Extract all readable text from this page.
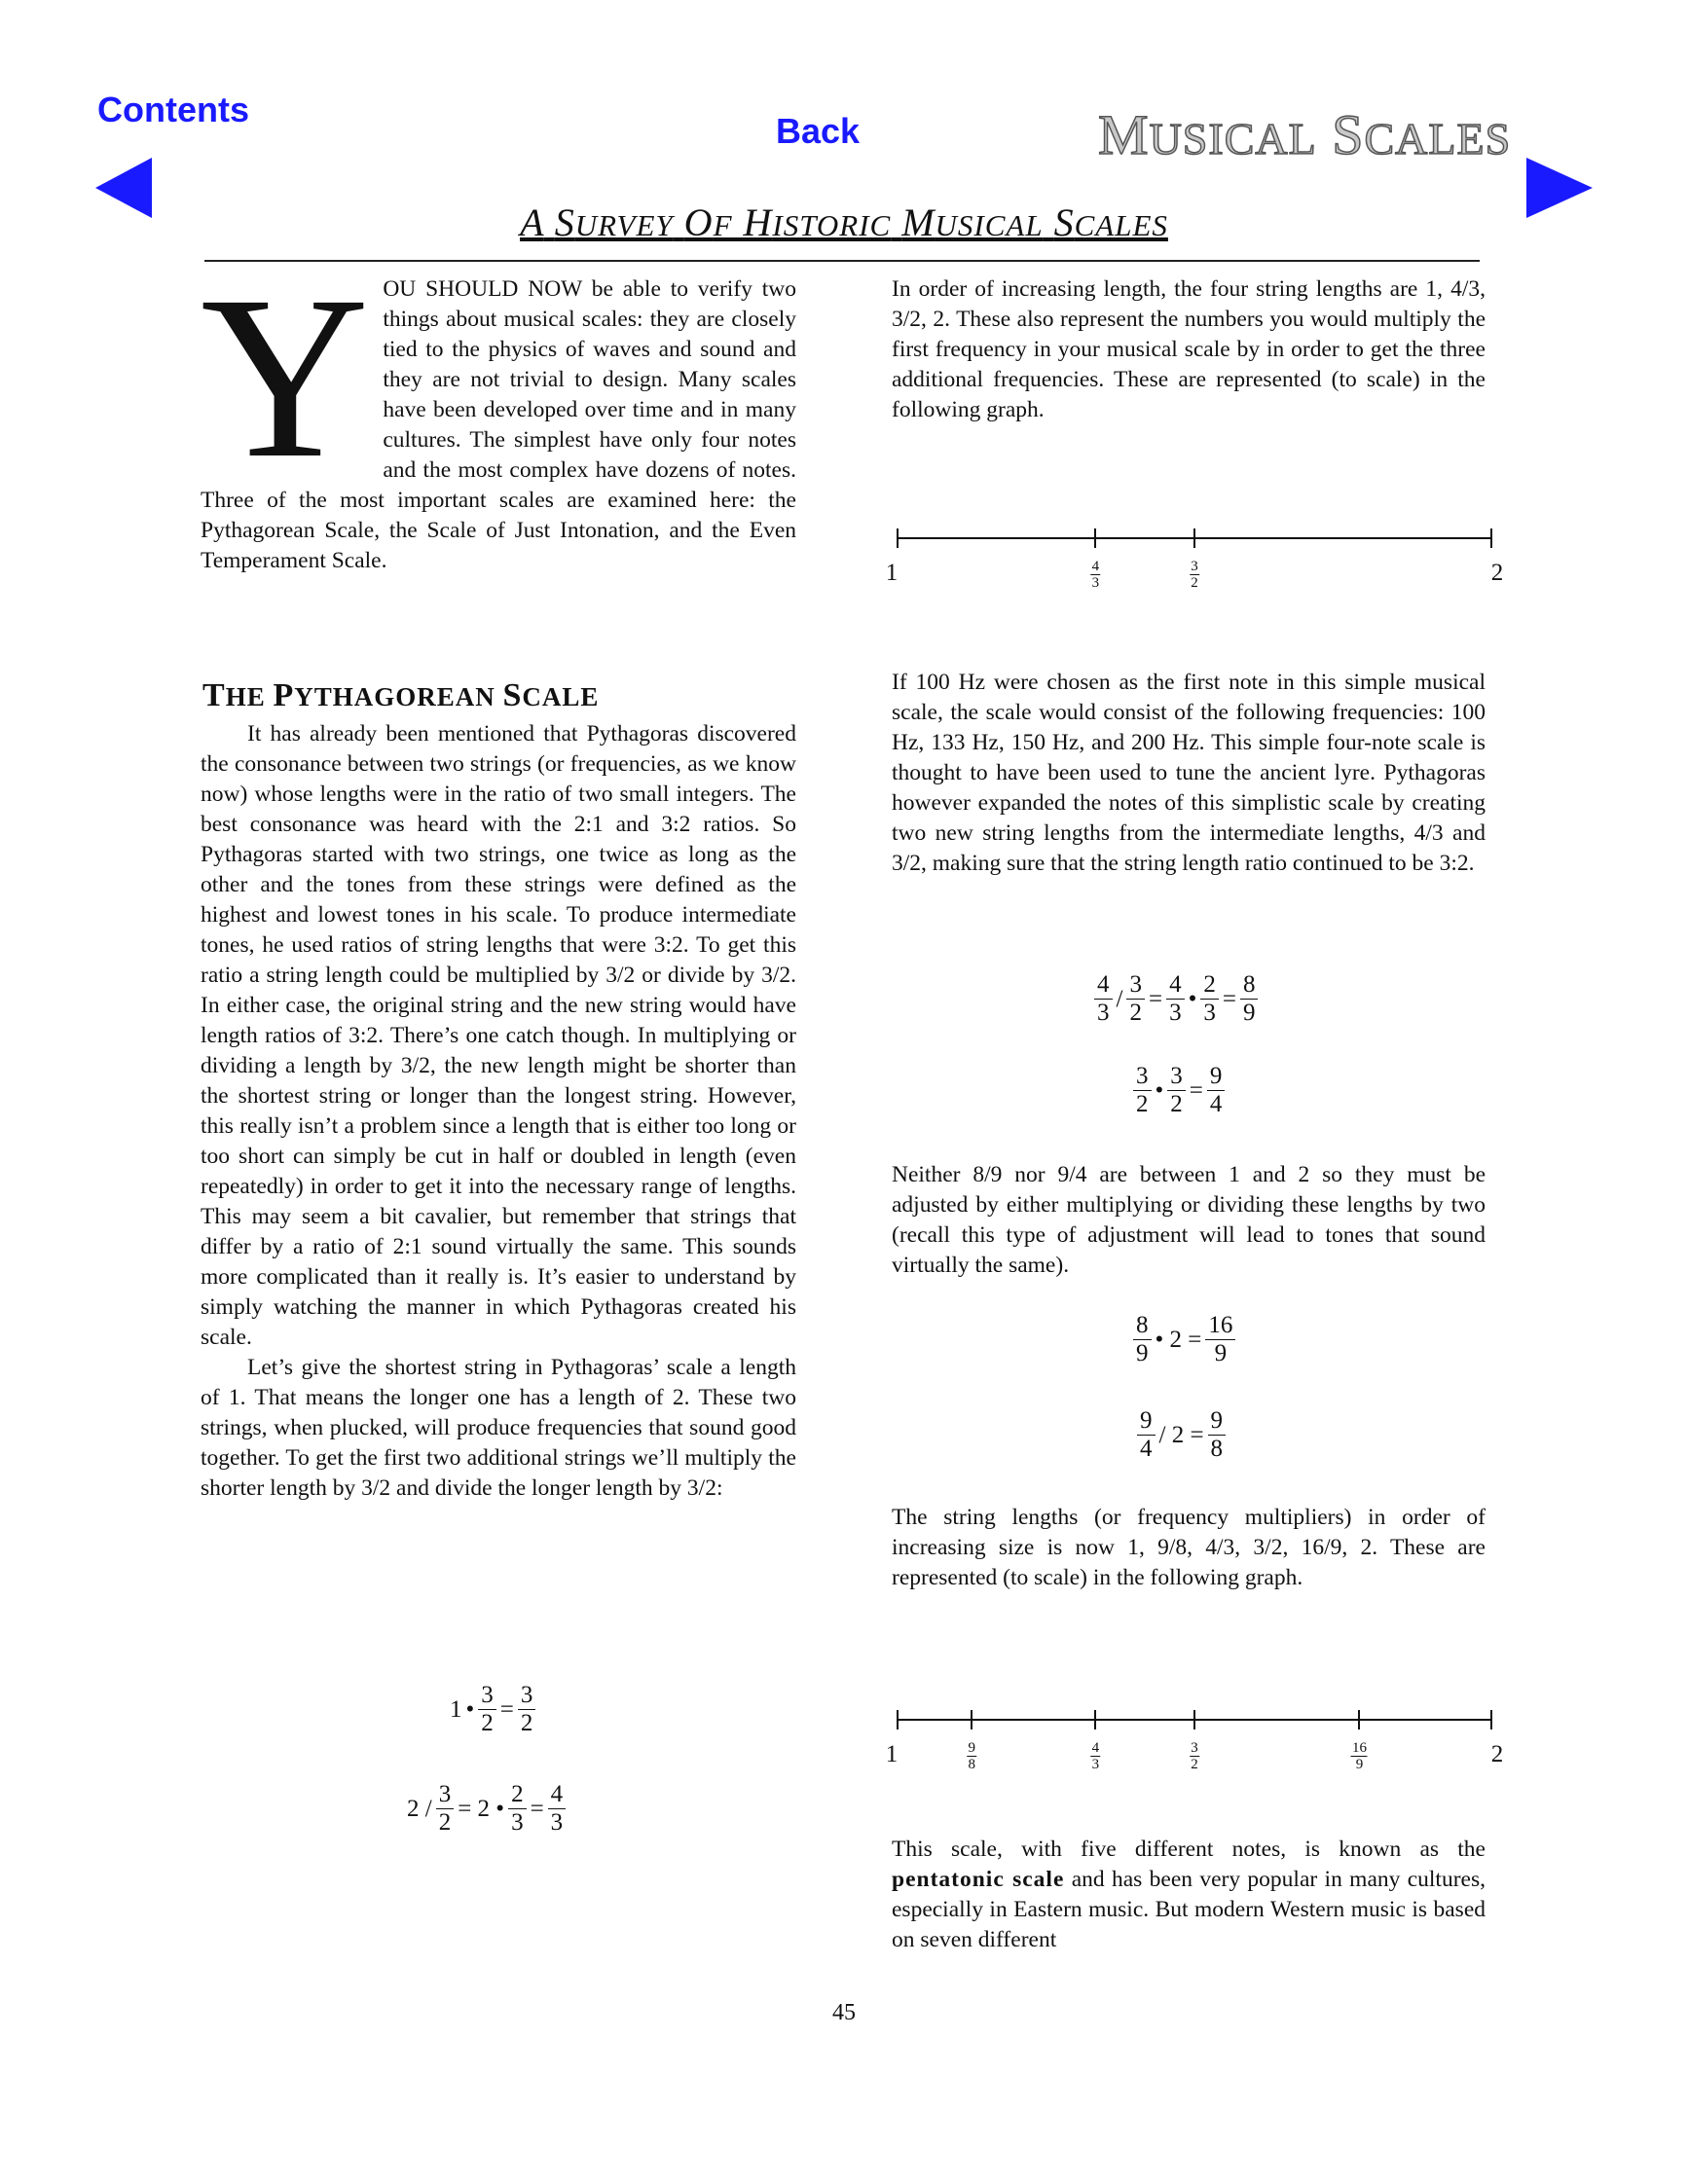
Contents
Back	MUSICAL SCALES
A SURVEY OF HISTORIC MUSICAL SCALES
YOU SHOULD NOW be able to verify two things about musical scales: they are closely tied to the physics of waves and sound and they are not trivial to design. Many scales have been developed over time and in many cultures. The simplest have only four notes and the most complex have dozens of notes. Three of the most important scales are examined here: the Pythagorean Scale, the Scale of Just Intonation, and the Even Temperament Scale.
THE PYTHAGOREAN SCALE

It has already been mentioned that Pythagoras discovered the consonance between two strings (or frequencies, as we know now) whose lengths were in the ratio of two small integers. The best consonance was heard with the 2:1 and 3:2 ratios. So Pythagoras started with two strings, one twice as long as the other and the tones from these strings were defined as the highest and lowest tones in his scale. To produce intermediate tones, he used ratios of string lengths that were 3:2. To get this ratio a string length could be multiplied by 3/2 or divide by 3/2. In either case, the original string and the new string would have length ratios of 3:2. There’s one catch though. In multiplying or dividing a length by 3/2, the new length might be shorter than the shortest string or longer than the longest string. However, this really isn’t a problem since a length that is either too long or too short can simply be cut in half or doubled in length (even repeatedly) in order to get it into the necessary range of lengths. This may seem a bit cavalier, but remember that strings that differ by a ratio of 2:1 sound virtually the same. This sounds more complicated than it really is. It’s easier to understand by simply watching the manner in which Pythagoras created his scale.

Let’s give the shortest string in Pythagoras’ scale a length of 1. That means the longer one has a length of 2. These two strings, when plucked, will produce frequencies that sound good together. To get the first two additional strings we’ll multiply the shorter length by 3/2 and divide the longer length by 3/2:

1 • $\frac{3}{2} = \frac{3}{2}$
$2 / \frac{3}{2} = 2$ • $\frac{2}{3} = \frac{4}{3}$

In order of increasing length, the four string lengths are 1, 4/3, 3/2, 2. These also represent the numbers you would multiply the first frequency in your musical scale by in order to get the three additional frequencies. These are represented (to scale) in the following graph.

1	2
$\frac{4}{3}$	$\frac{3}{2}$

If 100 Hz were chosen as the first note in this simple musical scale, the scale would consist of the following frequencies: 100 Hz, 133 Hz, 150 Hz, and 200 Hz. This simple four-note scale is thought to have been used to tune the ancient lyre. Pythagoras however expanded the notes of this simplistic scale by creating two new string lengths from the intermediate lengths, 4/3 and 3/2, making sure that the string length ratio continued to be 3:2.

$\frac{4}{3} / \frac{3}{2} = \frac{4}{3}$ • $\frac{2}{3} = \frac{8}{9}$
$\frac{3}{2}$ • $\frac{3}{2} = \frac{9}{4}$

Neither 8/9 nor 9/4 are between 1 and 2 so they must be adjusted by either multiplying or dividing these lengths by two (recall this type of adjustment will lead to tones that sound virtually the same).

$\frac{8}{9}$ • $2 = \frac{16}{9}$
$\frac{9}{4} / 2 = \frac{9}{8}$

The string lengths (or frequency multipliers) in order of increasing size is now 1, 9/8, 4/3, 3/2, 16/9, 2. These are represented (to scale) in the following graph.

1	2
$\frac{9}{8}$	$\frac{4}{3}$	$\frac{3}{2}$	$\frac{16}{9}$

This scale, with five different notes, is known as the pentatonic scale and has been very popular in many cultures, especially in Eastern music. But modern Western music is based on seven different

45
